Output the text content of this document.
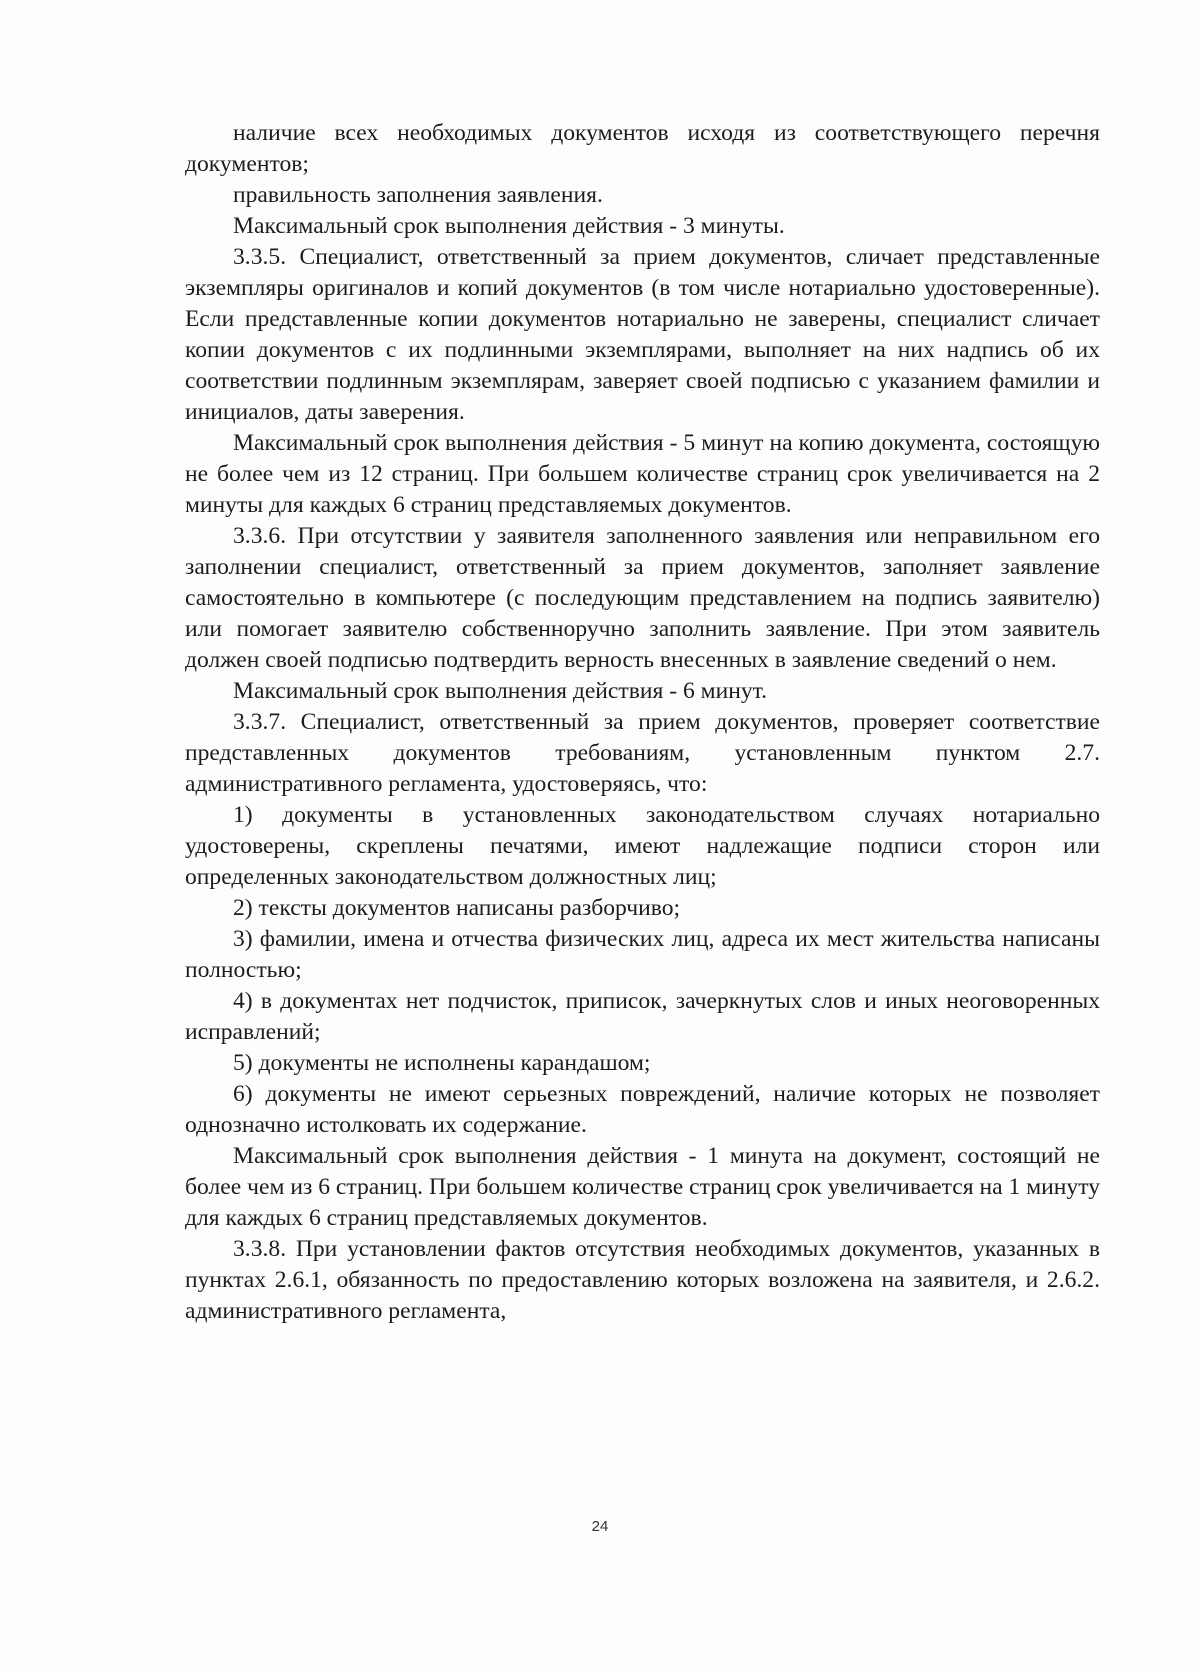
наличие всех необходимых документов исходя из соответствующего перечня документов;

правильность заполнения заявления.

Максимальный срок выполнения действия - 3 минуты.

3.3.5. Специалист, ответственный за прием документов, сличает представленные экземпляры оригиналов и копий документов (в том числе нотариально удостоверенные). Если представленные копии документов нотариально не заверены, специалист сличает копии документов с их подлинными экземплярами, выполняет на них надпись об их соответствии подлинным экземплярам, заверяет своей подписью с указанием фамилии и инициалов, даты заверения.

Максимальный срок выполнения действия - 5 минут на копию документа, состоящую не более чем из 12 страниц. При большем количестве страниц срок увеличивается на 2 минуты для каждых 6 страниц представляемых документов.

3.3.6. При отсутствии у заявителя заполненного заявления или неправильном его заполнении специалист, ответственный за прием документов, заполняет заявление самостоятельно в компьютере (с последующим представлением на подпись заявителю) или помогает заявителю собственноручно заполнить заявление. При этом заявитель должен своей подписью подтвердить верность внесенных в заявление сведений о нем.

Максимальный срок выполнения действия - 6 минут.

3.3.7. Специалист, ответственный за прием документов, проверяет соответствие представленных документов требованиям, установленным пунктом 2.7. административного регламента, удостоверяясь, что:

1) документы в установленных законодательством случаях нотариально удостоверены, скреплены печатями, имеют надлежащие подписи сторон или определенных законодательством должностных лиц;

2) тексты документов написаны разборчиво;

3) фамилии, имена и отчества физических лиц, адреса их мест жительства написаны полностью;

4) в документах нет подчисток, приписок, зачеркнутых слов и иных неоговоренных исправлений;

5) документы не исполнены карандашом;

6) документы не имеют серьезных повреждений, наличие которых не позволяет однозначно истолковать их содержание.

Максимальный срок выполнения действия - 1 минута на документ, состоящий не более чем из 6 страниц. При большем количестве страниц срок увеличивается на 1 минуту для каждых 6 страниц представляемых документов.

3.3.8. При установлении фактов отсутствия необходимых документов, указанных в пунктах 2.6.1, обязанность по предоставлению которых возложена на заявителя, и 2.6.2. административного регламента,

24
